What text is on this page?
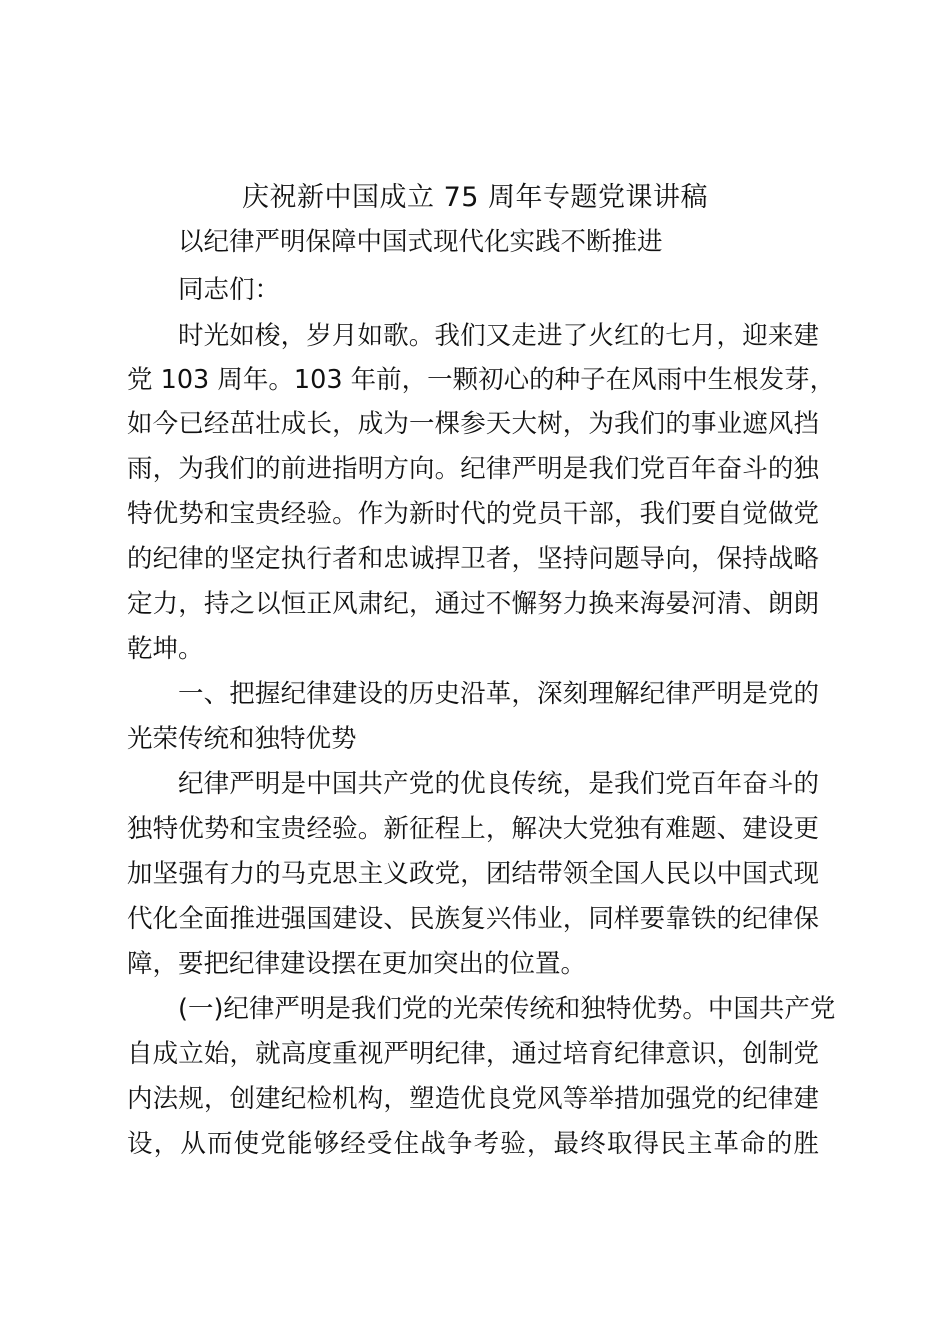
庆祝新中国成立 75 周年专题党课讲稿

以纪律严明保障中国式现代化实践不断推进

同志们：

时光如梭，岁月如歌。我们又走进了火红的七月，迎来建

党 103 周年。103 年前，一颗初心的种子在风雨中生根发芽，

如今已经茁壮成长，成为一棵参天大树，为我们的事业遮风挡

雨，为我们的前进指明方向。纪律严明是我们党百年奋斗的独

特优势和宝贵经验。作为新时代的党员干部，我们要自觉做党

的纪律的坚定执行者和忠诚捍卫者，坚持问题导向，保持战略

定力，持之以恒正风肃纪，通过不懈努力换来海晏河清、朗朗

乾坤。

一、把握纪律建设的历史沿革，深刻理解纪律严明是党的

光荣传统和独特优势

纪律严明是中国共产党的优良传统，是我们党百年奋斗的

独特优势和宝贵经验。新征程上，解决大党独有难题、建设更

加坚强有力的马克思主义政党，团结带领全国人民以中国式现

代化全面推进强国建设、民族复兴伟业，同样要靠铁的纪律保

障，要把纪律建设摆在更加突出的位置。

(一)纪律严明是我们党的光荣传统和独特优势。中国共产党

自成立始，就高度重视严明纪律，通过培育纪律意识，创制党

内法规，创建纪检机构，塑造优良党风等举措加强党的纪律建

设，从而使党能够经受住战争考验，最终取得民主革命的胜
